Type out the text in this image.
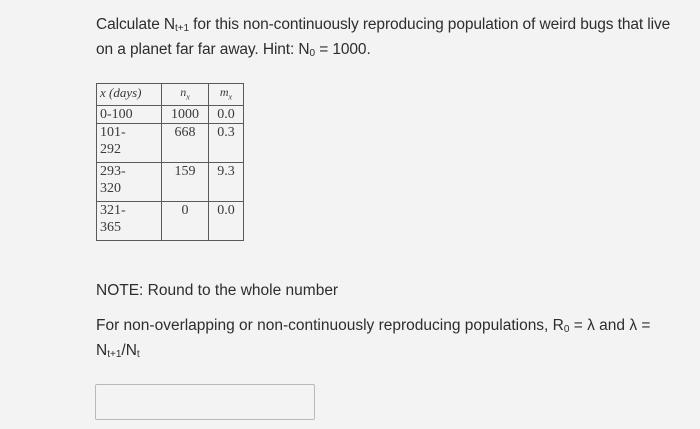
Calculate $N_{t+1}$ for this non-continuously reproducing population of weird bugs that live on a planet far far away. Hint: $N_0 = 1000$.
x (days)	$n_x$	$m_x$
0-100	1000	0.0
101-
292	668	0.3
293-
320	159	9.3
321-
365	0	0.0
NOTE: Round to the whole number
For non-overlapping or non-continuously reproducing populations, $R_0 = \lambda$ and $\lambda = N_{t+1}/N_t$
